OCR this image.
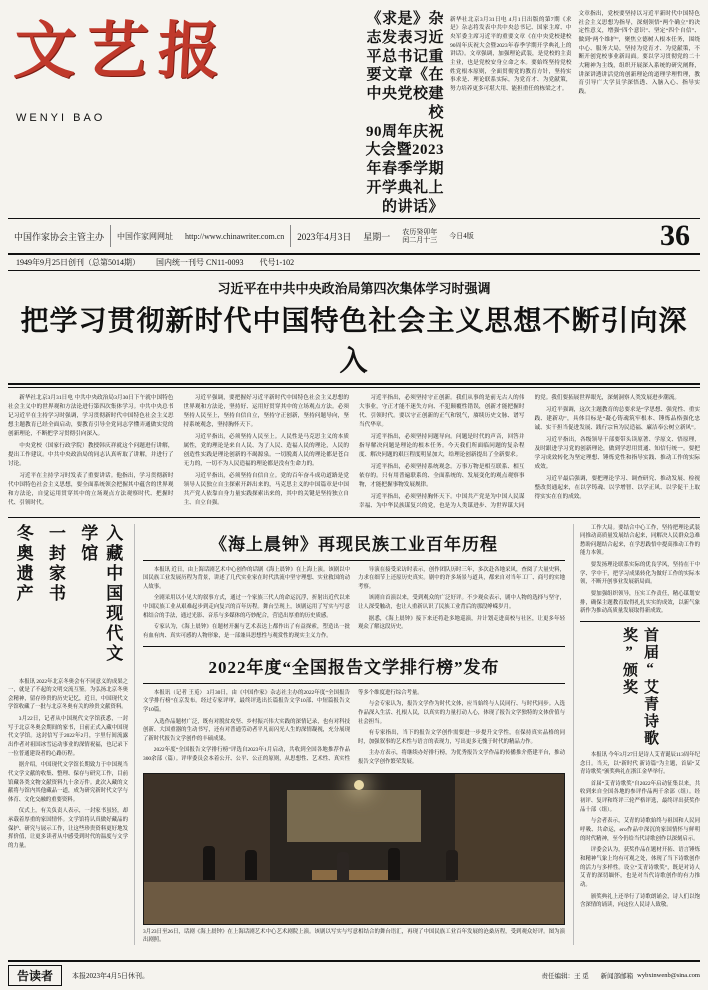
文艺报
WENYI BAO
《求是》杂志发表习近平总书记重要文章《在中央党校建校
90周年庆祝大会暨2023年春季学期开学典礼上的讲话》

新华社北京3月31日电 4月1日出版的第7期《求是》杂志将发表中共中央总书记、国家主席、中央军委主席习近平的重要文章《在中央党校建校90周年庆祝大会暨2023年春季学期开学典礼上的讲话》。文章强调，加强理论武装，是党校的主责主业，也是党校安身立命之本。要始终坚持党校姓党根本原则，全面贯彻党的教育方针，坚持实事求是、理论联系实际，为党育才、为党献策，努力培养更多可堪大用、能担重任的栋梁之才。

文章指出，党校要坚持以习近平新时代中国特色社会主义思想为指导，深刻领悟“两个确立”的决定性意义，增强“四个意识”、坚定“四个自信”、做到“两个维护”，聚焦立德树人根本任务，围绕中心、服务大局，坚持为党育才、为党献策，不断开创党校事业新局面。要以学习贯彻党的二十大精神为主线，组织开展深入系统的研究阐释，讲深讲透讲活党的创新理论的道理学理哲理，教育引导广大学员学深悟透、入脑入心、指导实践。

中国作家协会主管主办	中国作家网网址	http://www.chinawriter.com.cn	2023年4月3日	星期一	农历癸卯年
闰二月十三	今日4版	36
1949年9月25日创刊（总第5014期）	国内统一刊号 CN11-0093	代号1-102
习近平在中共中央政治局第四次集体学习时强调
把学习贯彻新时代中国特色社会主义思想不断引向深入

新华社北京3月31日电 中共中央政治局3月30日下午就中国特色社会主义中的世界观和方法论进行第四次集体学习。中共中央总书记习近平在主持学习时强调，学习贯彻新时代中国特色社会主义思想主题教育已经全面启动，要教育引导全党同志学懂弄通做实党的创新理论，不断把学习贯彻引向深入。

中央党校（国家行政学院）教授韩庆祥就这个问题进行讲解，提出工作建议。中共中央政治局的同志认真听取了讲解，并进行了讨论。

习近平在主持学习时发表了重要讲话。他指出，学习贯彻新时代中国特色社会主义思想，要全面系统领会把握其中蕴含的世界观和方法论，自觉运用贯穿其中的立场观点方法观察时代、把握时代、引领时代。

习近平强调，要把握好习近平新时代中国特色社会主义思想的世界观和方法论，坚持好、运用好贯穿其中的立场观点方法。必须坚持人民至上，坚持自信自立，坚持守正创新，坚持问题导向，坚持系统观念，坚持胸怀天下。

习近平指出，必须坚持人民至上。人民性是马克思主义的本质属性，党的理论是来自人民、为了人民、造福人民的理论，人民的创造性实践是理论创新的不竭源泉。一切脱离人民的理论都是苍白无力的，一切不为人民造福的理论都是没有生命力的。

习近平指出，必须坚持自信自立。党的百年奋斗成功道路是党领导人民独立自主探索开辟出来的，马克思主义的中国篇章是中国共产党人依靠自身力量实践探索出来的，其中的关键是坚持独立自主、自立自强。

习近平指出，必须坚持守正创新。我们从事的是前无古人的伟大事业，守正才能不迷失方向、不犯颠覆性错误，创新才能把握时代、引领时代。要以守正创新的正气和锐气，赓续历史文脉、谱写当代华章。

习近平指出，必须坚持问题导向。问题是时代的声音，回答并指导解决问题是理论的根本任务。今天我们所面临问题的复杂程度、解决问题的艰巨程度明显加大，给理论创新提出了全新要求。

习近平指出，必须坚持系统观念。万事万物是相互联系、相互依存的。只有用普遍联系的、全面系统的、发展变化的观点观察事物，才能把握事物发展规律。

习近平指出，必须坚持胸怀天下。中国共产党是为中国人民谋幸福、为中华民族谋复兴的党，也是为人类谋进步、为世界谋大同的党。我们要拓展世界眼光，深刻洞察人类发展进步潮流。

习近平强调，这次主题教育的总要求是“学思想、强党性、重实践、建新功”，具体目标是“凝心铸魂筑牢根本、锤炼品格强化忠诚、实干担当促进发展、践行宗旨为民造福、廉洁奉公树立新风”。

习近平指出，各级领导干部要带头读原著、学原文、悟原理，及时跟进学习党的创新理论，做到学思用贯通、知信行统一。要把学习成效转化为坚定理想、锤炼党性和指导实践、推动工作的实际成效。

习近平最后强调，要把理论学习、调查研究、推动发展、检视整改贯通起来，在以学铸魂、以学增智、以学正风、以学促干上取得实实在在的成效。

冬奥遗产 一封家书	入藏中国现代文学馆

本报讯 2022年北京冬奥会有不同意义的成果之一，就是了不起的文明交流互鉴。为弘扬北京冬奥会精神，留存珍贵的历史记忆，近日，中国现代文学馆收藏了一批与北京冬奥有关的珍贵文献资料。

3月22日，记者从中国现代文学馆获悉，一封写于北京冬奥会期间的家书，日前正式入藏中国现代文学馆。这封信写于2022年2月，字里行间流露出作者对祖国冰雪运动事业的深情祝福，也记录下一位普通建设者的心路历程。

据介绍，中国现代文学馆长期致力于中国现当代文学文献的收集、整理、保存与研究工作，目前馆藏各类文物文献资料九十余万件。此次入藏的文献将与馆内其他藏品一道，成为研究新时代文学与体育、文化交融的重要资料。

仪式上，有关负责人表示，一封家书虽轻，却承载着厚重的家国情怀。文学馆将认真做好藏品的保护、研究与展示工作，让这些珍贵资料更好地发挥价值，让更多读者从中感受到时代的温度与文学的力量。

《海上晨钟》再现民族工业百年历程

本报讯 近日，由上海话剧艺术中心创作的话剧《海上晨钟》在上海上演。该剧以中国民族工业发展历程为背景，讲述了几代实业家在时代洪流中坚守理想、实业救国的动人故事。

全剧采用以小见大的叙事方式，通过一个家族三代人的命运沉浮，折射出近代以来中国民族工业从艰难起步到走向复兴的百年历程。舞台呈现上，该剧运用了写实与写意相结合的手法，通过光影、音乐与多媒体的巧妙配合，营造出厚重的历史质感。

专家认为，《海上晨钟》在题材开掘与艺术表达上都作出了有益探索，塑造出一批有血有肉、真实可感的人物形象，是一部兼具思想性与观赏性的现实主义力作。

导演在接受采访时表示，创作团队历时三年，多次赴各地采风，查阅了大量史料，力求在细节上还原历史真实。剧中的许多场景与道具，都来自对当年工厂、商号的实地考察。

该剧自首演以来，受到观众的广泛好评。不少观众表示，剧中人物的选择与坚守，让人深受触动，也让人重新认识了民族工业背后的那段峥嵘岁月。

据悉，《海上晨钟》接下来还将赴多地巡演，并计划走进高校与社区，让更多年轻观众了解这段历史。

2022年度“全国报告文学排行榜”发布

本报讯（记者 王觅） 3月30日，由《中国作家》杂志社主办的2022年度“全国报告文学排行榜”在京发布。经过专家评审，最终评选出长篇报告文学10部、中短篇报告文学10篇。

入选作品题材广泛，既有对脱贫攻坚、乡村振兴伟大实践的深情记录，也有对科技创新、大国重器的生动书写，还有对普通劳动者平凡而闪光人生的深情凝视，充分展现了新时代报告文学创作的丰硕成果。

2022年度“全国报告文学排行榜”评选自2023年1月启动，共收到全国各地推荐作品300余部（篇）。评审委员会本着公开、公平、公正的原则，从思想性、艺术性、真实性等多个维度进行综合考量。

与会专家认为，报告文学作为时代文体，应当始终与人民同行、与时代同步。入选作品深入生活、扎根人民，以真实的力量打动人心，体现了报告文学独特的文体价值与社会担当。

有专家指出，当下的报告文学创作需要进一步提升文学性，在保持真实品格的同时，加强叙事的艺术性与语言的表现力，写出更多无愧于时代的精品力作。

主办方表示，将继续办好排行榜，为优秀报告文学作品的传播推介搭建平台，推动报告文学创作繁荣发展。

3月23日至26日，话剧《海上晨钟》在上海话剧艺术中心艺术剧院上演。该剧以写实与写意相结合的舞台语汇，再现了中国民族工业百年发展的沧桑历程，受到观众好评。图为演出剧照。

工作大局。要结合中心工作，坚持把理论武装同推动高质量发展结合起来，同解决人民群众急难愁盼问题结合起来，在学思践悟中提高推动工作的能力本领。

要发扬理论联系实际的优良学风，坚持在干中学、学中干，把学习成果转化为做好工作的实际本领，不断开创事业发展新局面。

要加强组织领导，压实工作责任，精心谋划安排，确保主题教育取得扎扎实实的成效，以新气象新作为推动高质量发展取得新成效。

首届“艾青诗歌奖”颁奖

本报讯 今年3月27日是诗人艾青诞辰113周年纪念日。当天，以“新时代 新诗篇”为主题，首届“艾青诗歌奖”颁奖典礼在浙江金华举行。

首届“艾青诗歌奖”自2022年启动征集以来，共收到来自全国各地的参评作品两千余部（组）。经初评、复评和终评三轮严格评选，最终评出获奖作品十部（组）。

与会者表示，艾青的诗歌始终与祖国和人民同呼吸、共命运，его作品中深沉的家国情怀与鲜明的时代精神，至今仍给当代诗歌创作以深刻启示。

评委会认为，获奖作品在题材开拓、语言锤炼和精神气象上均有可观之处，体现了当下诗歌创作的活力与多样性。设立“艾青诗歌奖”，既是对诗人艾青的深切缅怀，也是对当代诗歌创作的有力推动。

颁奖典礼上还举行了诗歌朗诵会，诗人们以饱含深情的诵读，向这位人民诗人致敬。

告读者	本报2023年4月5日休刊。	责任编辑：王 觅 新闻部邮箱 wybxinwenb@sina.com
